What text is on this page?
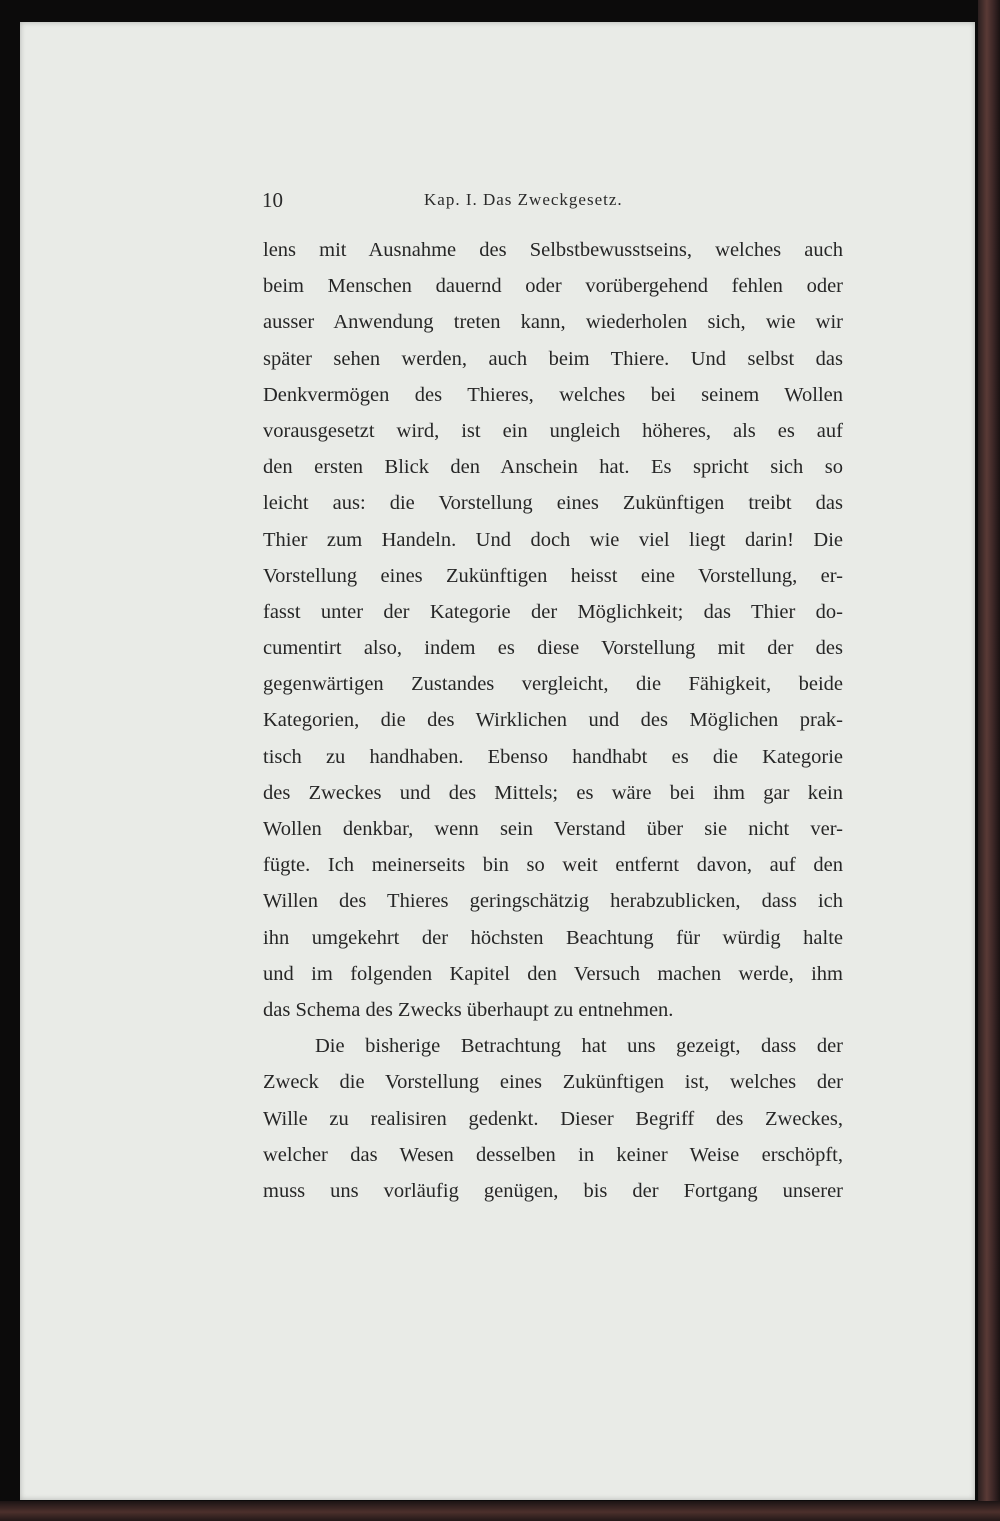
10	Kap. I. Das Zweckgesetz.
lens mit Ausnahme des Selbstbewusstseins, welches auch
beim Menschen dauernd oder vorübergehend fehlen oder
ausser Anwendung treten kann, wiederholen sich, wie wir
später sehen werden, auch beim Thiere. Und selbst das
Denkvermögen des Thieres, welches bei seinem Wollen
vorausgesetzt wird, ist ein ungleich höheres, als es auf
den ersten Blick den Anschein hat. Es spricht sich so
leicht aus: die Vorstellung eines Zukünftigen treibt das
Thier zum Handeln. Und doch wie viel liegt darin! Die
Vorstellung eines Zukünftigen heisst eine Vorstellung, er-
fasst unter der Kategorie der Möglichkeit; das Thier do-
cumentirt also, indem es diese Vorstellung mit der des
gegenwärtigen Zustandes vergleicht, die Fähigkeit, beide
Kategorien, die des Wirklichen und des Möglichen prak-
tisch zu handhaben. Ebenso handhabt es die Kategorie
des Zweckes und des Mittels; es wäre bei ihm gar kein
Wollen denkbar, wenn sein Verstand über sie nicht ver-
fügte. Ich meinerseits bin so weit entfernt davon, auf den
Willen des Thieres geringschätzig herabzublicken, dass ich
ihn umgekehrt der höchsten Beachtung für würdig halte
und im folgenden Kapitel den Versuch machen werde, ihm
das Schema des Zwecks überhaupt zu entnehmen.
Die bisherige Betrachtung hat uns gezeigt, dass der
Zweck die Vorstellung eines Zukünftigen ist, welches der
Wille zu realisiren gedenkt. Dieser Begriff des Zweckes,
welcher das Wesen desselben in keiner Weise erschöpft,
muss uns vorläufig genügen, bis der Fortgang unserer
